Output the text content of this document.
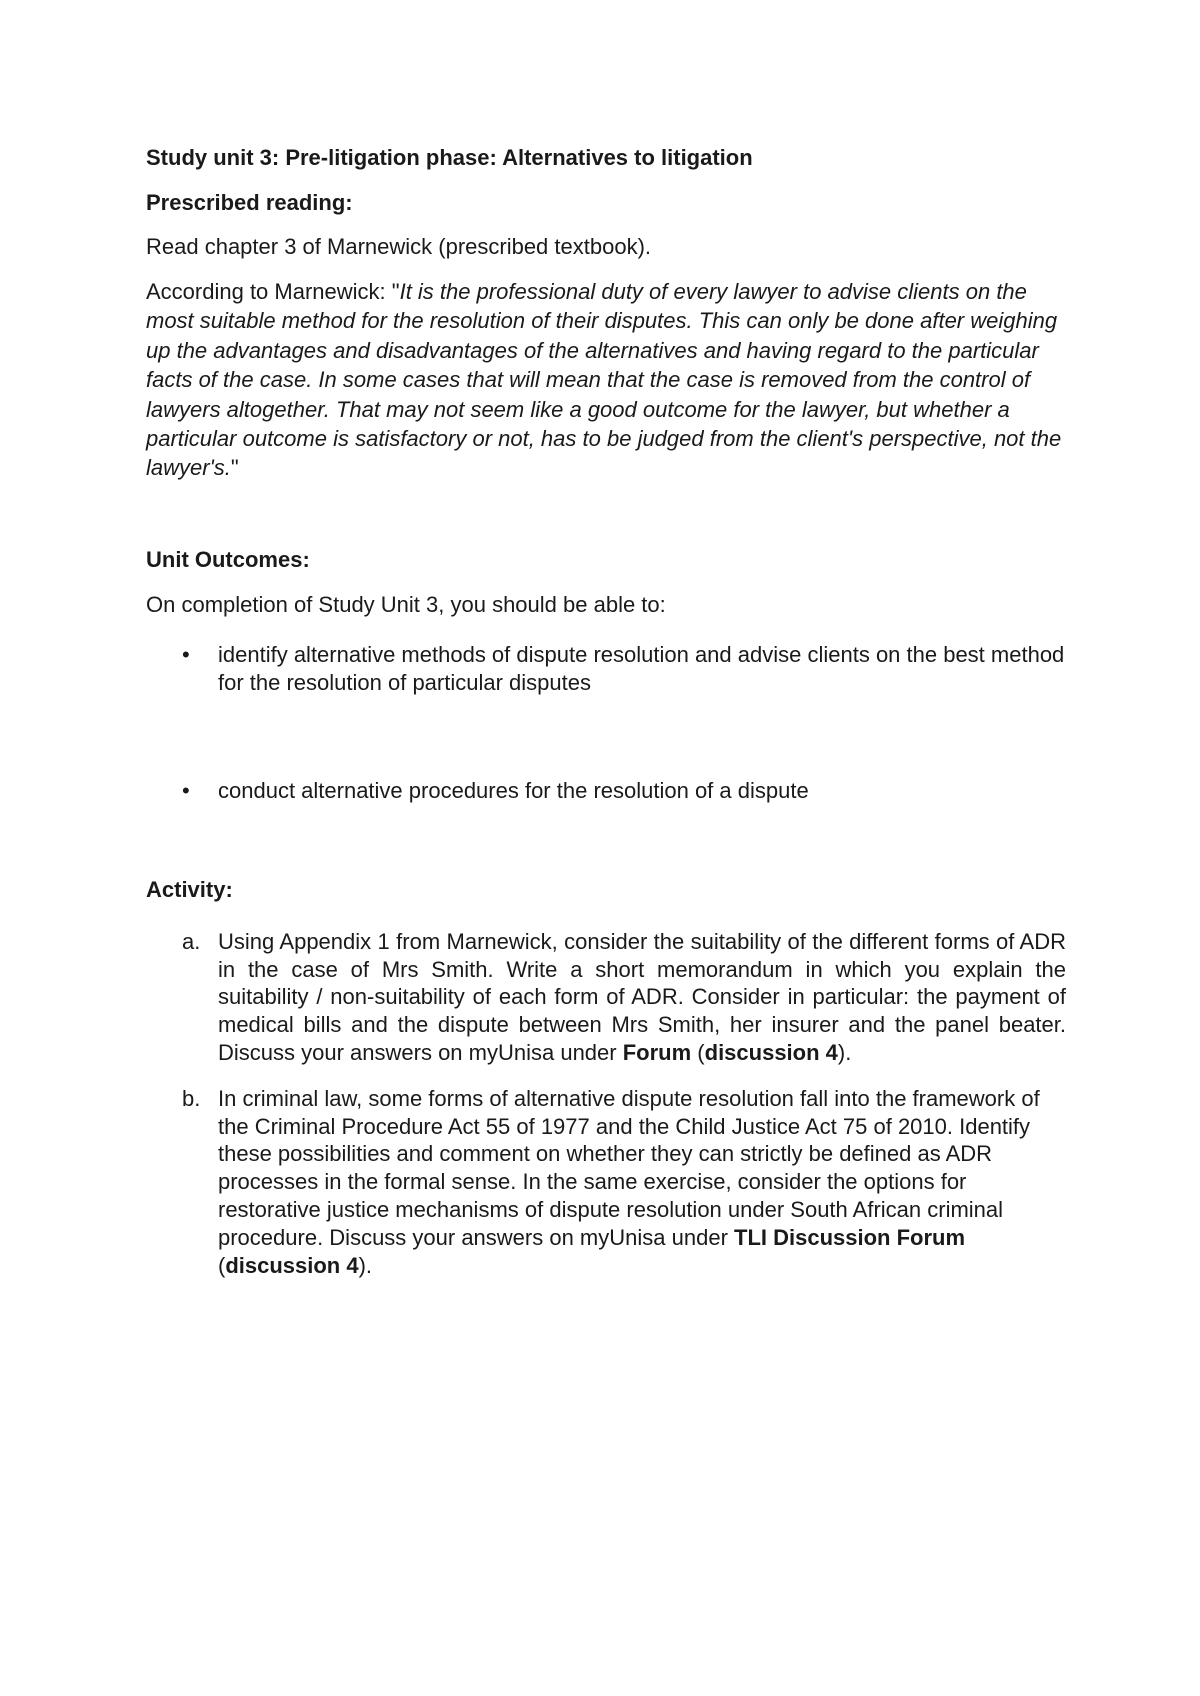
Study unit 3: Pre-litigation phase: Alternatives to litigation

Prescribed reading:

Read chapter 3 of Marnewick (prescribed textbook).

According to Marnewick: "It is the professional duty of every lawyer to advise clients on the most suitable method for the resolution of their disputes. This can only be done after weighing up the advantages and disadvantages of the alternatives and having regard to the particular facts of the case. In some cases that will mean that the case is removed from the control of lawyers altogether. That may not seem like a good outcome for the lawyer, but whether a particular outcome is satisfactory or not, has to be judged from the client's perspective, not the lawyer's."

Unit Outcomes:

On completion of Study Unit 3, you should be able to:

• identify alternative methods of dispute resolution and advise clients on the best method for the resolution of particular disputes
• conduct alternative procedures for the resolution of a dispute

Activity:

a. Using Appendix 1 from Marnewick, consider the suitability of the different forms of ADR in the case of Mrs Smith. Write a short memorandum in which you explain the suitability / non-suitability of each form of ADR. Consider in particular: the payment of medical bills and the dispute between Mrs Smith, her insurer and the panel beater. Discuss your answers on myUnisa under Forum (discussion 4).
b. In criminal law, some forms of alternative dispute resolution fall into the framework of the Criminal Procedure Act 55 of 1977 and the Child Justice Act 75 of 2010. Identify these possibilities and comment on whether they can strictly be defined as ADR processes in the formal sense. In the same exercise, consider the options for restorative justice mechanisms of dispute resolution under South African criminal procedure. Discuss your answers on myUnisa under TLI Discussion Forum (discussion 4).
